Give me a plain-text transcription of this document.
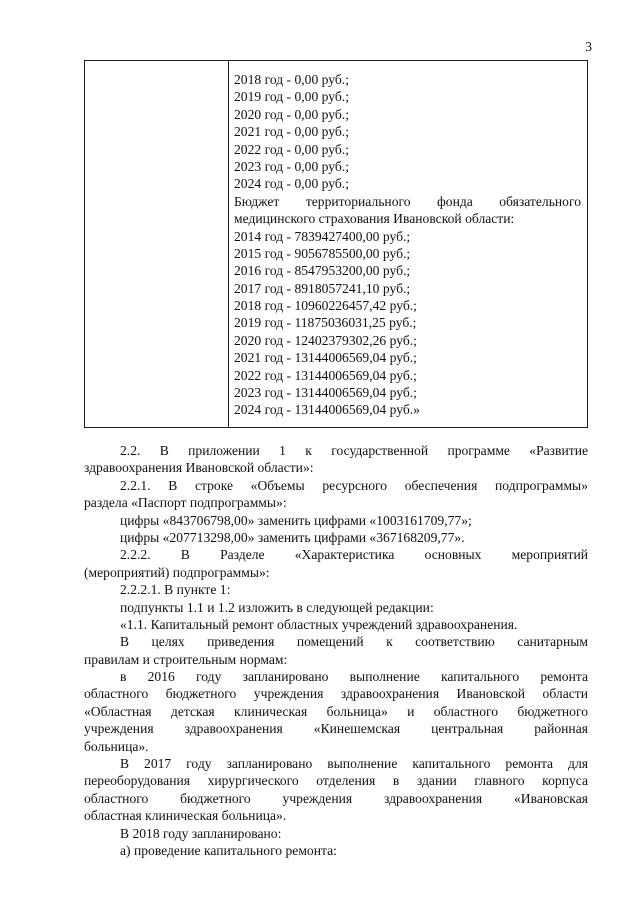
3
2018 год - 0,00 руб.;
2019 год - 0,00 руб.;
2020 год - 0,00 руб.;
2021 год - 0,00 руб.;
2022 год - 0,00 руб.;
2023 год - 0,00 руб.;
2024 год - 0,00 руб.;
Бюджет территориального фонда обязательного
медицинского страхования Ивановской области:
2014 год - 7839427400,00 руб.;
2015 год - 9056785500,00 руб.;
2016 год - 8547953200,00 руб.;
2017 год - 8918057241,10 руб.;
2018 год - 10960226457,42 руб.;
2019 год - 11875036031,25 руб.;
2020 год - 12402379302,26 руб.;
2021 год - 13144006569,04 руб.;
2022 год - 13144006569,04 руб.;
2023 год - 13144006569,04 руб.;
2024 год - 13144006569,04 руб.»
2.2. В приложении 1 к государственной программе «Развитие
здравоохранения Ивановской области»:
2.2.1. В строке «Объемы ресурсного обеспечения подпрограммы»
раздела «Паспорт подпрограммы»:
цифры «843706798,00» заменить цифрами «1003161709,77»;
цифры «207713298,00» заменить цифрами «367168209,77».
2.2.2. В Разделе «Характеристика основных мероприятий
(мероприятий) подпрограммы»:
2.2.2.1. В пункте 1:
подпункты 1.1 и 1.2 изложить в следующей редакции:
«1.1. Капитальный ремонт областных учреждений здравоохранения.
В целях приведения помещений к соответствию санитарным
правилам и строительным нормам:
в 2016 году запланировано выполнение капитального ремонта
областного бюджетного учреждения здравоохранения Ивановской области
«Областная детская клиническая больница» и областного бюджетного
учреждения здравоохранения «Кинешемская центральная районная
больница».
В 2017 году запланировано выполнение капитального ремонта для
переоборудования хирургического отделения в здании главного корпуса
областного бюджетного учреждения здравоохранения «Ивановская
областная клиническая больница».
В 2018 году запланировано:
а) проведение капитального ремонта:
